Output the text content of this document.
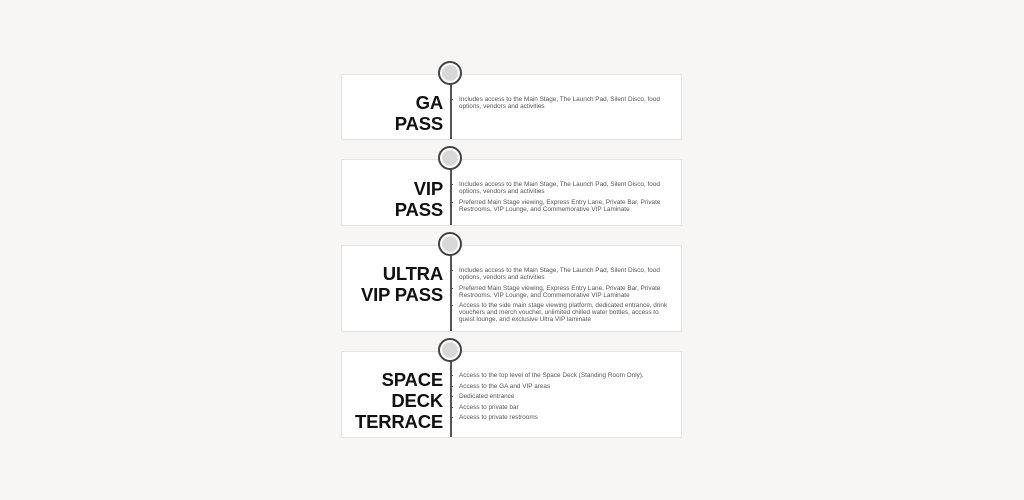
GA
PASS
Includes access to the Main Stage, The Launch Pad, Silent Disco, food options, vendors and activities
VIP
PASS
Includes access to the Main Stage, The Launch Pad, Silent Disco, food options, vendors and activities
Preferred Main Stage viewing, Express Entry Lane, Private Bar, Private Restrooms, VIP Lounge, and Commemorative VIP Laminate
ULTRA
VIP PASS
Includes access to the Main Stage, The Launch Pad, Silent Disco, food options, vendors and activities
Preferred Main Stage viewing, Express Entry Lane, Private Bar, Private Restrooms, VIP Lounge, and Commemorative VIP Laminate
Access to the side main stage viewing platform, dedicated entrance, drink vouchers and merch voucher, unlimited chilled water bottles, access to guest lounge, and exclusive Ultra VIP laminate
SPACE
DECK
TERRACE
Access to the top level of the Space Deck (Standing Room Only),
Access to the GA and VIP areas
Dedicated entrance
Access to private bar
Access to private restrooms
